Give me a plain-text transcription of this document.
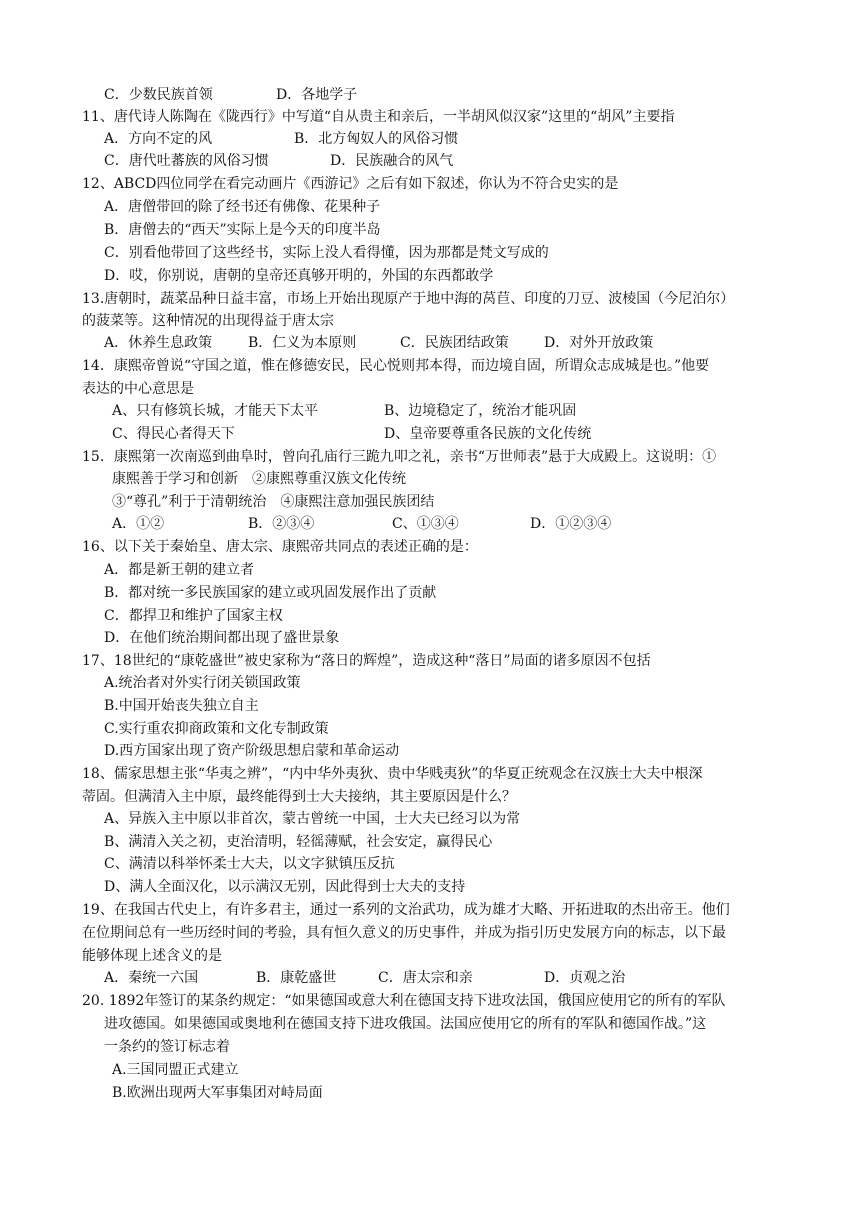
C．少数民族首领	D．各地学子
11、唐代诗人陈陶在《陇西行》中写道“自从贵主和亲后，一半胡风似汉家”这里的“胡风”主要指
A．方向不定的风	B．北方匈奴人的风俗习惯
C．唐代吐蕃族的风俗习惯	D．民族融合的风气
12、ABCD四位同学在看完动画片《西游记》之后有如下叙述，你认为不符合史实的是
A．唐僧带回的除了经书还有佛像、花果种子
B．唐僧去的“西天”实际上是今天的印度半岛
C．别看他带回了这些经书，实际上没人看得懂，因为那都是梵文写成的
D．哎，你别说，唐朝的皇帝还真够开明的，外国的东西都敢学
13.唐朝时，蔬菜品种日益丰富，市场上开始出现原产于地中海的莴苣、印度的刀豆、波棱国（今尼泊尔）
的菠菜等。这种情况的出现得益于唐太宗
A．休养生息政策	B．仁义为本原则	C．民族团结政策	D．对外开放政策
14．康熙帝曾说“守国之道，惟在修德安民，民心悦则邦本得，而边境自固，所谓众志成城是也。”他要
表达的中心意思是
A、只有修筑长城，才能天下太平	B、边境稳定了，统治才能巩固
C、得民心者得天下	D、皇帝要尊重各民族的文化传统
15．康熙第一次南巡到曲阜时，曾向孔庙行三跪九叩之礼，亲书“万世师表”悬于大成殿上。这说明：①
康熙善于学习和创新　②康熙尊重汉族文化传统
③“尊孔”利于于清朝统治　④康熙注意加强民族团结
A．①②	B．②③④	C、①③④	D．①②③④
16、以下关于秦始皇、唐太宗、康熙帝共同点的表述正确的是：
A．都是新王朝的建立者
B．都对统一多民族国家的建立或巩固发展作出了贡献
C．都捍卫和维护了国家主权
D．在他们统治期间都出现了盛世景象
17、18世纪的“康乾盛世”被史家称为“落日的辉煌”，造成这种“落日”局面的诸多原因不包括
A.统治者对外实行闭关锁国政策
B.中国开始丧失独立自主
C.实行重农抑商政策和文化专制政策
D.西方国家出现了资产阶级思想启蒙和革命运动
18、儒家思想主张“华夷之辨”，“内中华外夷狄、贵中华贱夷狄”的华夏正统观念在汉族士大夫中根深
蒂固。但满清入主中原，最终能得到士大夫接纳，其主要原因是什么？
A、异族入主中原以非首次，蒙古曾统一中国，士大夫已经习以为常
B、满清入关之初，吏治清明，轻徭薄赋，社会安定，赢得民心
C、满清以科举怀柔士大夫，以文字狱镇压反抗
D、满人全面汉化，以示满汉无别，因此得到士大夫的支持
19、在我国古代史上，有许多君主，通过一系列的文治武功，成为雄才大略、开拓进取的杰出帝王。他们
在位期间总有一些历经时间的考验，具有恒久意义的历史事件，并成为指引历史发展方向的标志，以下最
能够体现上述含义的是
A．秦统一六国	B．康乾盛世	C．唐太宗和亲	D．贞观之治
20. 1892年签订的某条约规定：“如果德国或意大利在德国支持下进攻法国，俄国应使用它的所有的军队
进攻德国。如果德国或奥地利在德国支持下进攻俄国。法国应使用它的所有的军队和德国作战。”这
一条约的签订标志着
A.三国同盟正式建立
B.欧洲出现两大军事集团对峙局面
